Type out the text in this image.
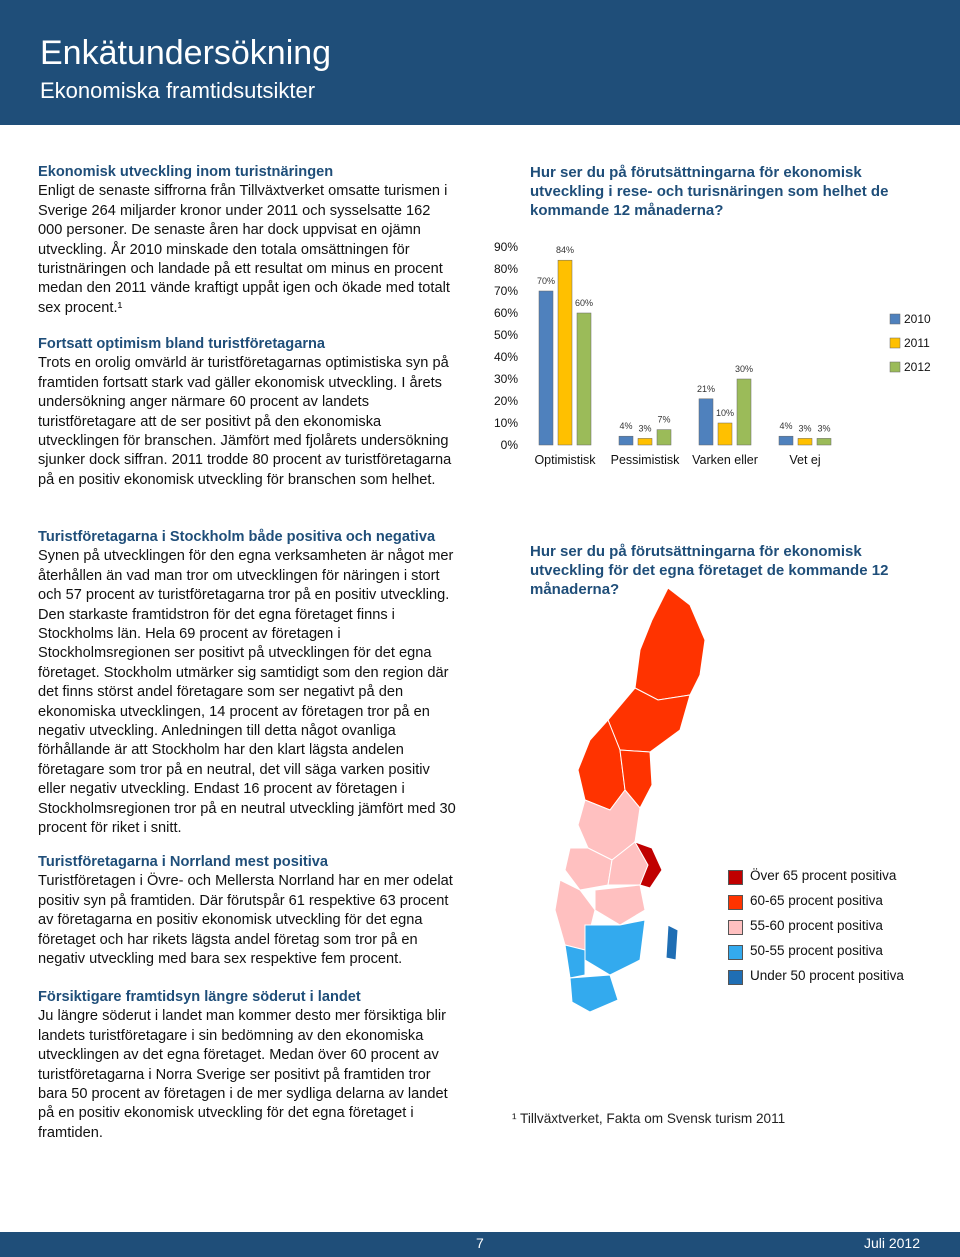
Enkätundersökning
Ekonomiska framtidsutsikter
Ekonomisk utveckling inom turistnäringen

Enligt de senaste siffrorna från Tillväxtverket omsatte turismen i Sverige 264 miljarder kronor under 2011 och sysselsatte 162 000 personer. De senaste åren har dock uppvisat en ojämn utveckling. År 2010 minskade den totala omsättningen för turistnäringen och landade på ett resultat om minus en procent medan den 2011 vände kraftigt uppåt igen och ökade med totalt sex procent.¹

Fortsatt optimism bland turistföretagarna

Trots en orolig omvärld är turistföretagarnas optimistiska syn på framtiden fortsatt stark vad gäller ekonomisk utveckling. I årets undersökning anger närmare 60 procent av landets turistföretagare att de ser positivt på den ekonomiska utvecklingen för branschen. Jämfört med fjolårets undersökning sjunker dock siffran. 2011 trodde 80 procent av turistföretagarna på en positiv ekonomisk utveckling för branschen som helhet.

Turistföretagarna i Stockholm både positiva och negativa

Synen på utvecklingen för den egna verksamheten är något mer återhållen än vad man tror om utvecklingen för näringen i stort och 57 procent av turistföretagarna tror på en positiv utveckling. Den starkaste framtidstron för det egna företaget finns i Stockholms län. Hela 69 procent av företagen i Stockholmsregionen ser positivt på utvecklingen för det egna företaget. Stockholm utmärker sig samtidigt som den region där det finns störst andel företagare som ser negativt på den ekonomiska utvecklingen, 14 procent av företagen tror på en negativ utveckling. Anledningen till detta något ovanliga förhållande är att Stockholm har den klart lägsta andelen företagare som tror på en neutral, det vill säga varken positiv eller negativ utveckling. Endast 16 procent av företagen i Stockholmsregionen tror på en neutral utveckling jämfört med 30 procent för riket i snitt.

Turistföretagarna i Norrland mest positiva

Turistföretagen i Övre- och Mellersta Norrland har en mer odelat positiv syn på framtiden. Där förutspår 61 respektive 63 procent av företagarna en positiv ekonomisk utveckling för det egna företaget och har rikets lägsta andel företag som tror på en negativ utveckling med bara sex respektive fem procent.

Försiktigare framtidsyn längre söderut i landet

Ju längre söderut i landet man kommer desto mer försiktiga blir landets turistföretagare i sin bedömning av den ekonomiska utvecklingen av det egna företaget. Medan över 60 procent av turistföretagarna i Norra Sverige ser positivt på framtiden tror bara 50 procent av företagen i de mer sydliga delarna av landet på en positiv ekonomisk utveckling för det egna företaget i framtiden.

Hur ser du på förutsättningarna för ekonomisk utveckling i rese- och turisnäringen som helhet de kommande 12 månaderna?
0%
10%
20%
30%
40%
50%
60%
70%
80%
90%
70%
84%
60%
Optimistisk
4% 3%
7%
Pessimistisk
21%
10%
30%
Varken eller
4% 3% 3%
Vet ej
2010
2011
2012
Hur ser du på förutsättningarna för ekonomisk utveckling för det egna företaget de kommande 12 månaderna?
Över 65 procent positiva
60-65 procent positiva
55-60 procent positiva
50-55 procent positiva
Under 50 procent positiva
¹ Tillväxtverket, Fakta om Svensk turism 2011
7	Juli 2012
